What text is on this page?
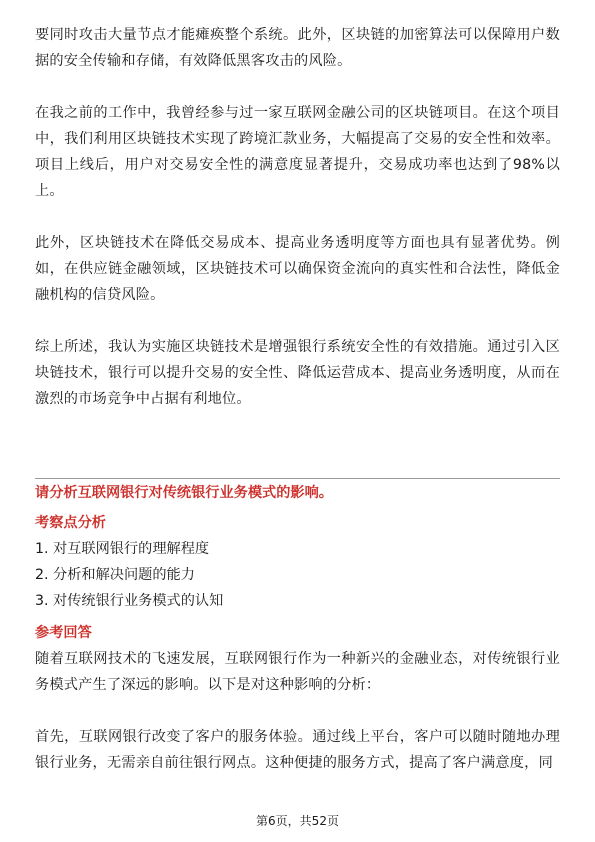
要同时攻击大量节点才能瘫痪整个系统。此外，区块链的加密算法可以保障用户数据的安全传输和存储，有效降低黑客攻击的风险。

在我之前的工作中，我曾经参与过一家互联网金融公司的区块链项目。在这个项目中，我们利用区块链技术实现了跨境汇款业务，大幅提高了交易的安全性和效率。项目上线后，用户对交易安全性的满意度显著提升，交易成功率也达到了98%以上。

此外，区块链技术在降低交易成本、提高业务透明度等方面也具有显著优势。例如，在供应链金融领域，区块链技术可以确保资金流向的真实性和合法性，降低金融机构的信贷风险。

综上所述，我认为实施区块链技术是增强银行系统安全性的有效措施。通过引入区块链技术，银行可以提升交易的安全性、降低运营成本、提高业务透明度，从而在激烈的市场竞争中占据有利地位。

请分析互联网银行对传统银行业务模式的影响。

考察点分析

1. 对互联网银行的理解程度

2. 分析和解决问题的能力

3. 对传统银行业务模式的认知

参考回答

随着互联网技术的飞速发展，互联网银行作为一种新兴的金融业态，对传统银行业务模式产生了深远的影响。以下是对这种影响的分析：

首先，互联网银行改变了客户的服务体验。通过线上平台，客户可以随时随地办理银行业务，无需亲自前往银行网点。这种便捷的服务方式，提高了客户满意度，同

第6页，共52页
